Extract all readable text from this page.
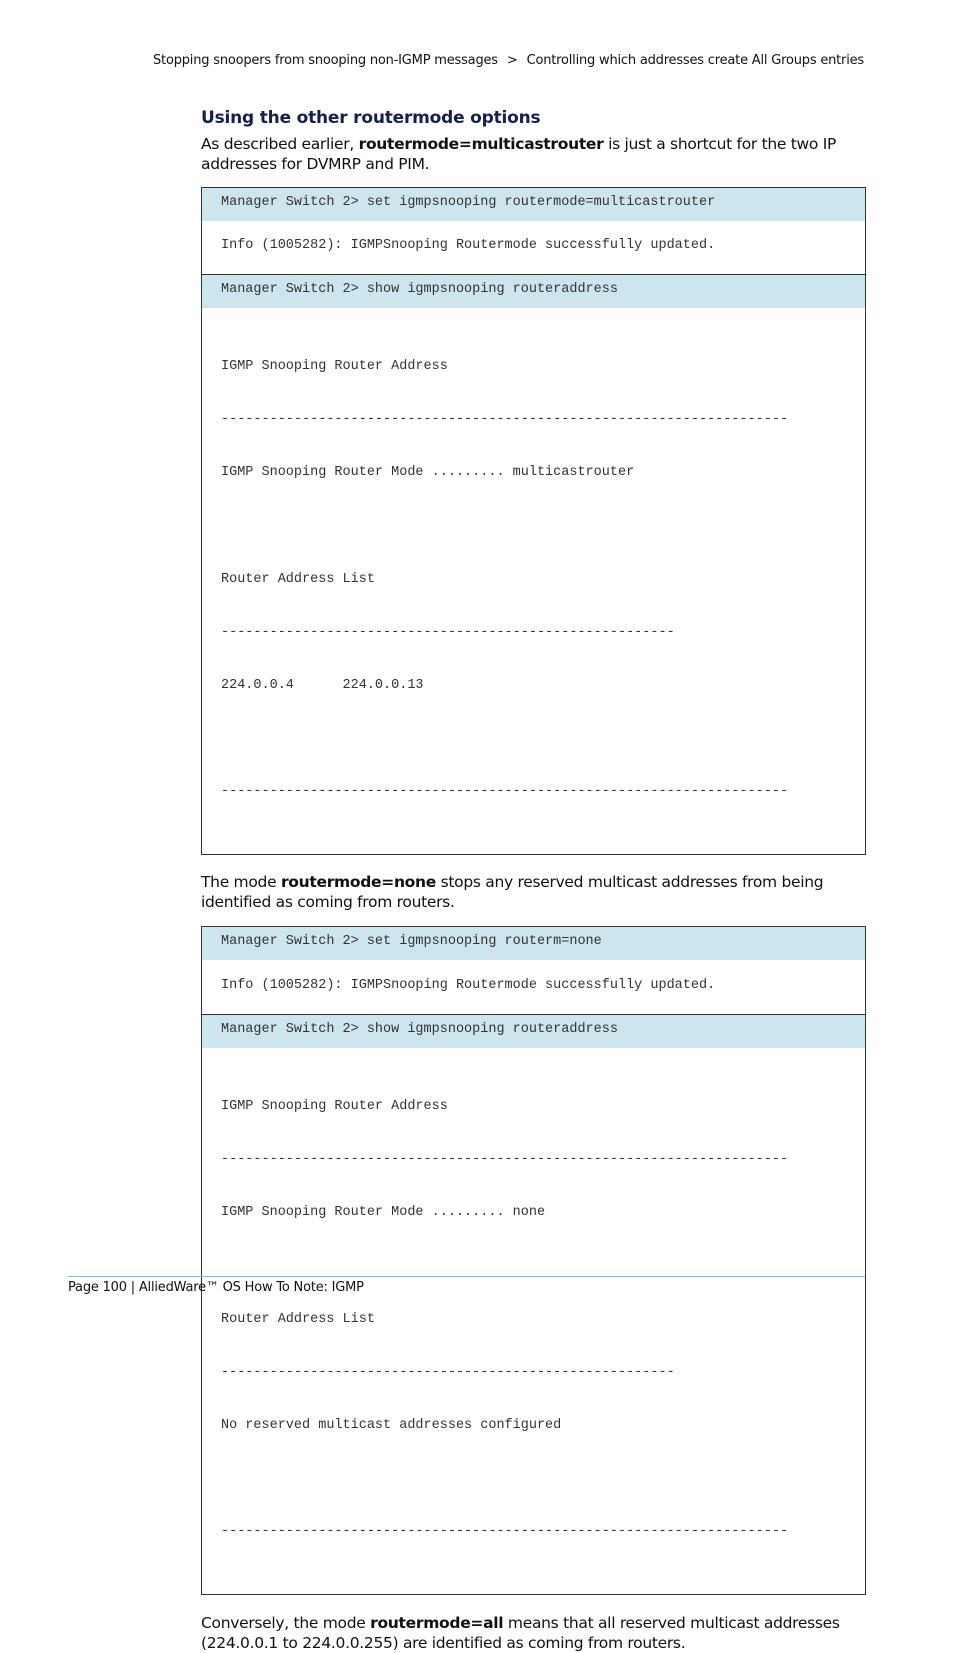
Stopping snoopers from snooping non-IGMP messages > Controlling which addresses create All Groups entries
Using the other routermode options

As described earlier, routermode=multicastrouter is just a shortcut for the two IP addresses for DVMRP and PIM.

Manager Switch 2> set igmpsnooping routermode=multicastrouter
Info (1005282): IGMPSnooping Routermode successfully updated.
Manager Switch 2> show igmpsnooping routeraddress

IGMP Snooping Router Address

----------------------------------------------------------------------

IGMP Snooping Router Mode ......... multicastrouter

Router Address List

--------------------------------------------------------

224.0.0.4      224.0.0.13

----------------------------------------------------------------------

The mode routermode=none stops any reserved multicast addresses from being identified as coming from routers.

Manager Switch 2> set igmpsnooping routerm=none
Info (1005282): IGMPSnooping Routermode successfully updated.
Manager Switch 2> show igmpsnooping routeraddress

IGMP Snooping Router Address

----------------------------------------------------------------------

IGMP Snooping Router Mode ......... none

Router Address List

--------------------------------------------------------

No reserved multicast addresses configured

----------------------------------------------------------------------

Conversely, the mode routermode=all means that all reserved multicast addresses (224.0.0.1 to 224.0.0.255) are identified as coming from routers.

Page 100 | AlliedWare™ OS How To Note: IGMP
